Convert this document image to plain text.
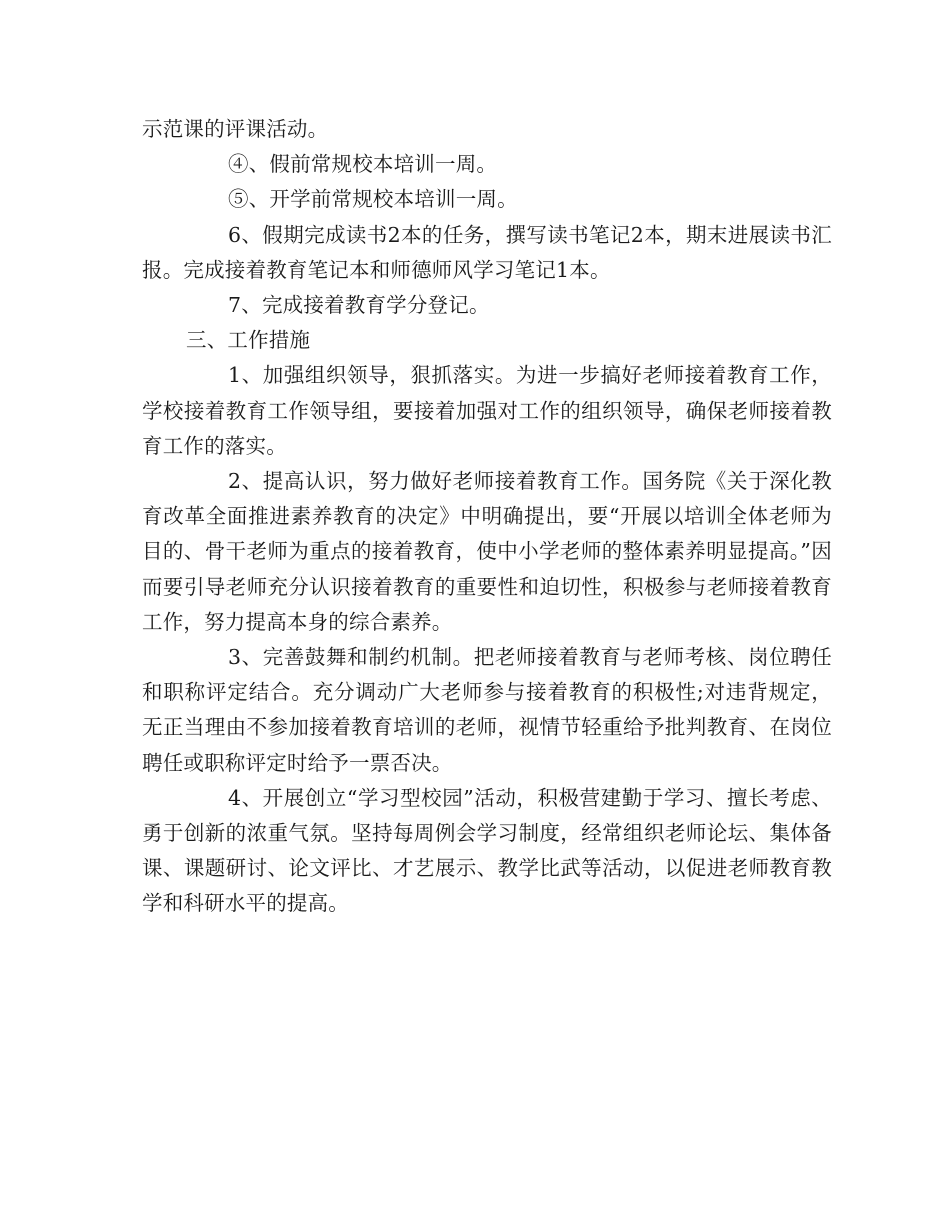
示范课的评课活动。

④、假前常规校本培训一周。

⑤、开学前常规校本培训一周。

6、假期完成读书2本的任务，撰写读书笔记2本，期末进展读书汇报。完成接着教育笔记本和师德师风学习笔记1本。

7、完成接着教育学分登记。

三、工作措施

1、加强组织领导，狠抓落实。为进一步搞好老师接着教育工作，学校接着教育工作领导组，要接着加强对工作的组织领导，确保老师接着教育工作的落实。

2、提高认识，努力做好老师接着教育工作。国务院《关于深化教育改革全面推进素养教育的决定》中明确提出，要“开展以培训全体老师为目的、骨干老师为重点的接着教育，使中小学老师的整体素养明显提高。”因而要引导老师充分认识接着教育的重要性和迫切性，积极参与老师接着教育工作，努力提高本身的综合素养。

3、完善鼓舞和制约机制。把老师接着教育与老师考核、岗位聘任和职称评定结合。充分调动广大老师参与接着教育的积极性;对违背规定，无正当理由不参加接着教育培训的老师，视情节轻重给予批判教育、在岗位聘任或职称评定时给予一票否决。

4、开展创立“学习型校园”活动，积极营建勤于学习、擅长考虑、勇于创新的浓重气氛。坚持每周例会学习制度，经常组织老师论坛、集体备课、课题研讨、论文评比、才艺展示、教学比武等活动，以促进老师教育教学和科研水平的提高。
